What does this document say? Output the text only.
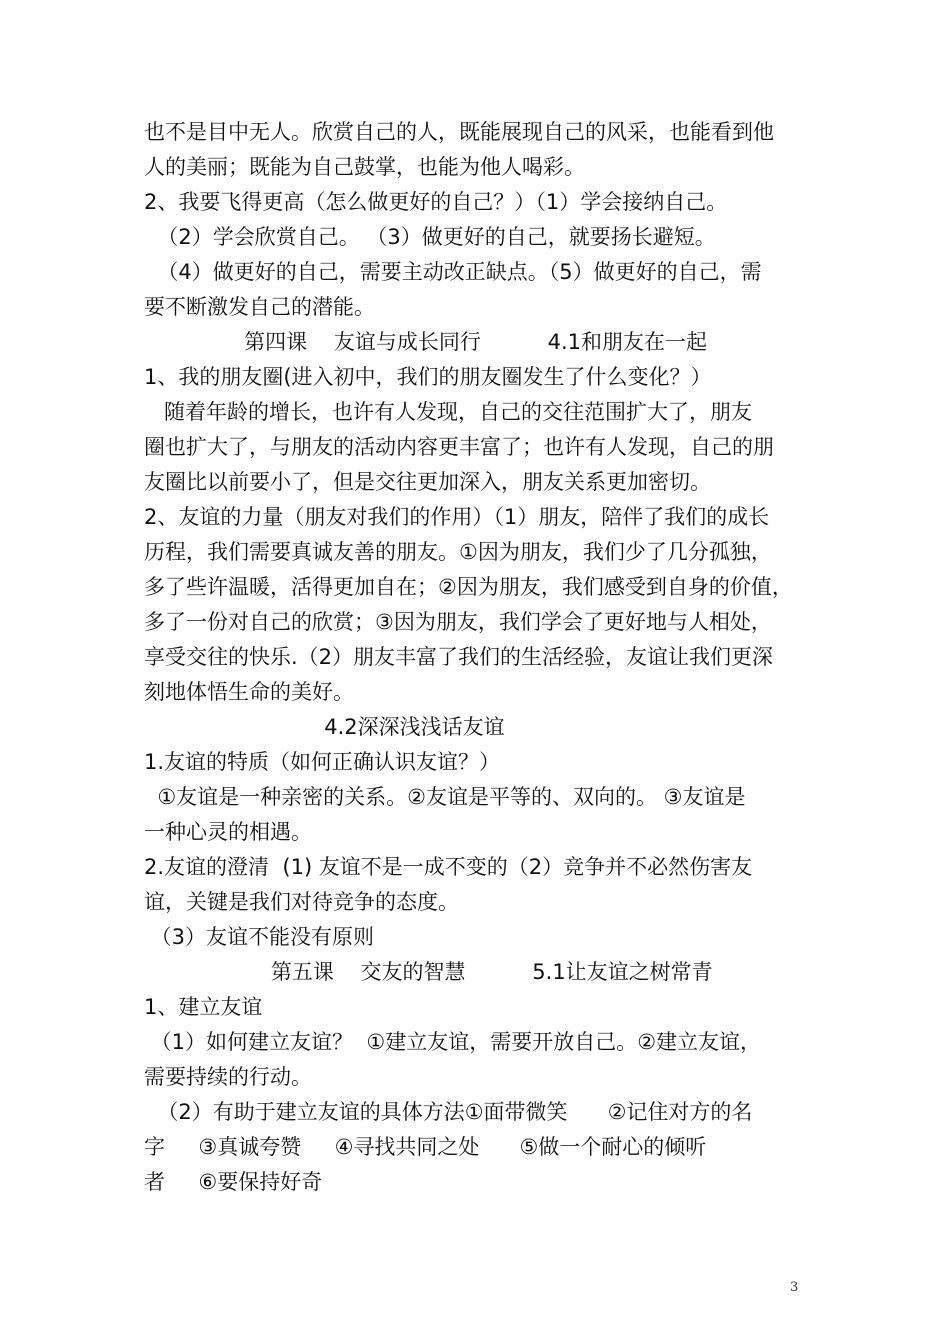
也不是目中无人。欣赏自己的人，既能展现自己的风采，也能看到他
人的美丽；既能为自己鼓掌，也能为他人喝彩。
2、我要飞得更高（怎么做更好的自己？）（1）学会接纳自己。
（2）学会欣赏自己。 （3）做更好的自己，就要扬长避短。
（4）做更好的自己，需要主动改正缺点。（5）做更好的自己，需
要不断激发自己的潜能。
第四课    友谊与成长同行          4.1和朋友在一起
1、我的朋友圈(进入初中，我们的朋友圈发生了什么变化？）
随着年龄的增长，也许有人发现，自己的交往范围扩大了，朋友
圈也扩大了，与朋友的活动内容更丰富了；也许有人发现，自己的朋
友圈比以前要小了，但是交往更加深入，朋友关系更加密切。
2、友谊的力量（朋友对我们的作用）（1）朋友，陪伴了我们的成长
历程，我们需要真诚友善的朋友。①因为朋友，我们少了几分孤独，
多了些许温暖，活得更加自在；②因为朋友，我们感受到自身的价值，
多了一份对自己的欣赏；③因为朋友，我们学会了更好地与人相处，
享受交往的快乐.（2）朋友丰富了我们的生活经验，友谊让我们更深
刻地体悟生命的美好。
4.2深深浅浅话友谊
1.友谊的特质（如何正确认识友谊？）
①友谊是一种亲密的关系。②友谊是平等的、双向的。 ③友谊是
一种心灵的相遇。
2.友谊的澄清  (1) 友谊不是一成不变的（2）竞争并不必然伤害友
谊，关键是我们对待竞争的态度。
（3）友谊不能没有原则
第五课    交友的智慧          5.1让友谊之树常青
1、建立友谊
（1）如何建立友谊？  ①建立友谊，需要开放自己。②建立友谊，
需要持续的行动。
（2）有助于建立友谊的具体方法①面带微笑      ②记住对方的名
字     ③真诚夸赞     ④寻找共同之处      ⑤做一个耐心的倾听
者     ⑥要保持好奇
3
